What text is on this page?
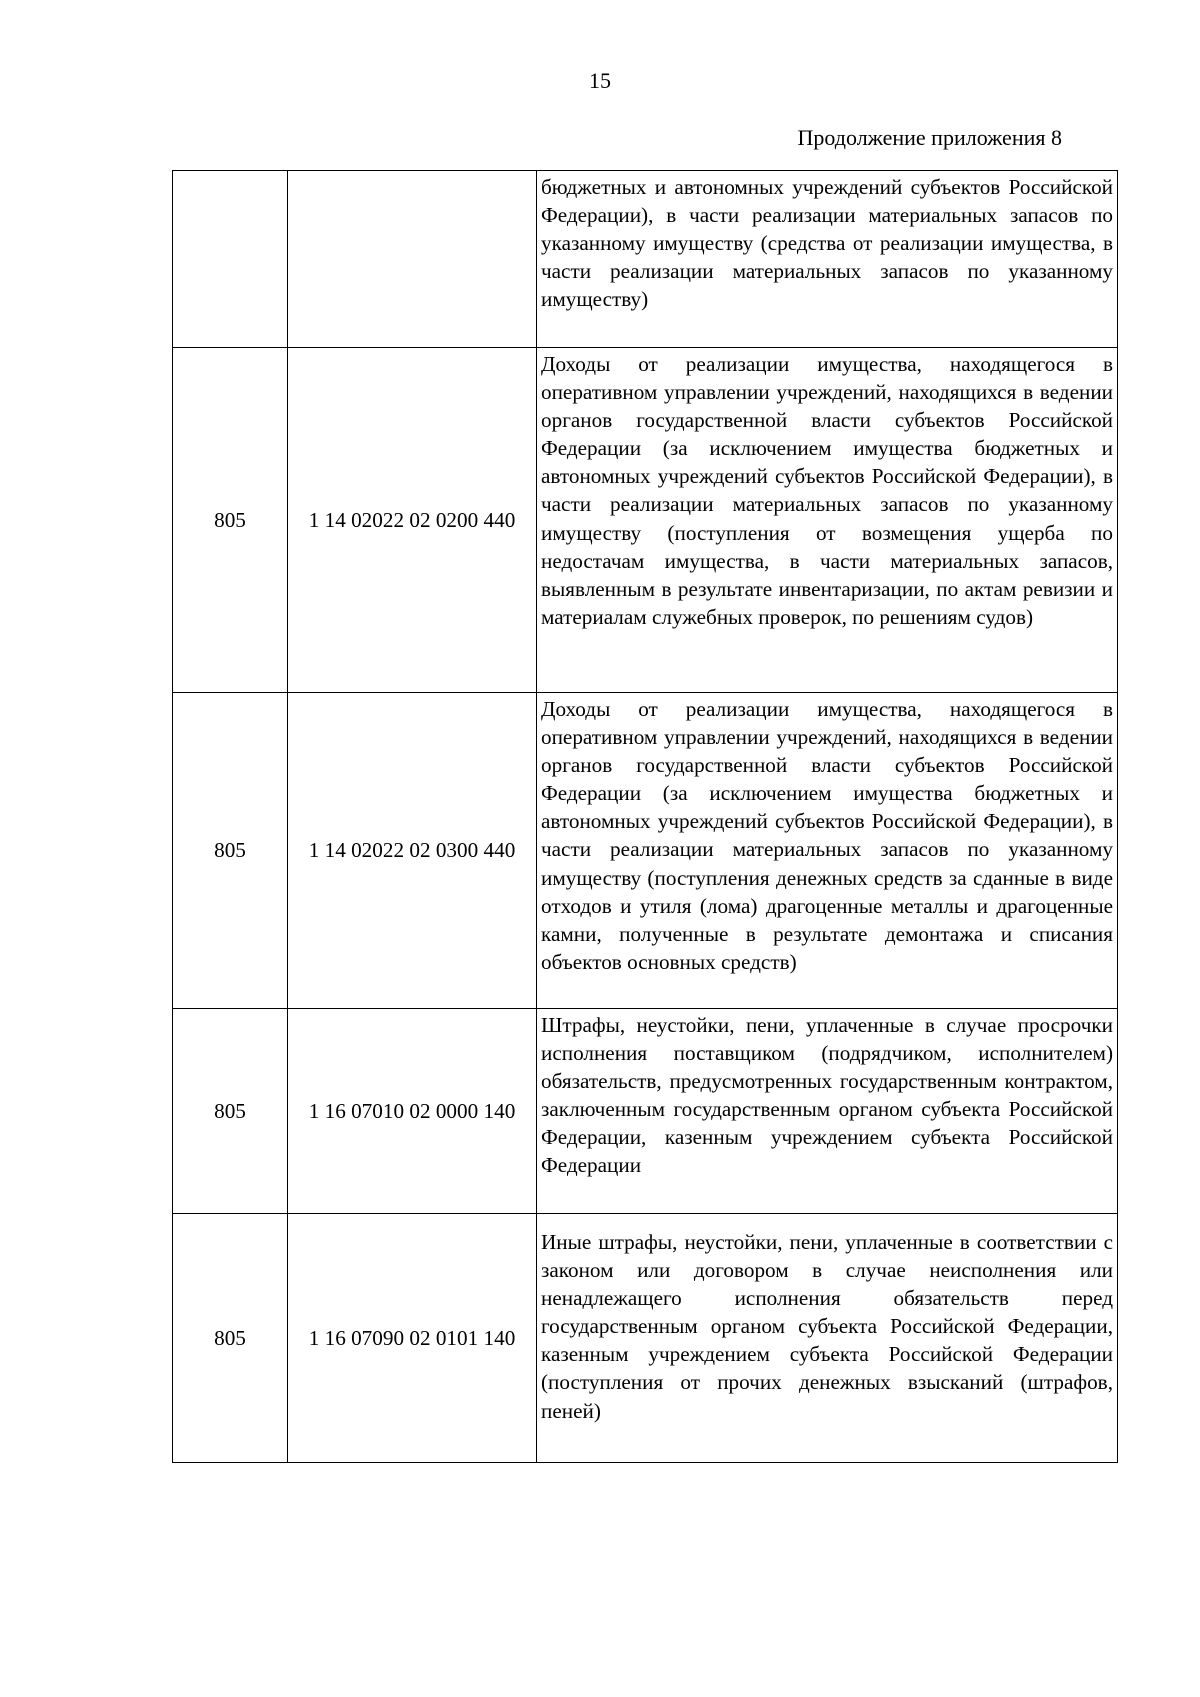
15
Продолжение приложения 8

		бюджетных и автономных учреждений субъектов Российской Федерации), в части реализации материальных запасов по указанному имуществу (средства от реализации имущества, в части реализации материальных запасов по указанному имуществу)

805	1 14 02022 02 0200 440	Доходы от реализации имущества, находящегося в оперативном управлении учреждений, находящихся в ведении органов государственной власти субъектов Российской Федерации (за исключением имущества бюджетных и автономных учреждений субъектов Российской Федерации), в части реализации материальных запасов по указанному имуществу (поступления от возмещения ущерба по недостачам имущества, в части материальных запасов, выявленным в результате инвентаризации, по актам ревизии и материалам служебных проверок, по решениям судов)

805	1 14 02022 02 0300 440	Доходы от реализации имущества, находящегося в оперативном управлении учреждений, находящихся в ведении органов государственной власти субъектов Российской Федерации (за исключением имущества бюджетных и автономных учреждений субъектов Российской Федерации), в части реализации материальных запасов по указанному имуществу (поступления денежных средств за сданные в виде отходов и утиля (лома) драгоценные металлы и драгоценные камни, полученные в результате демонтажа и списания объектов основных средств)

805	1 16 07010 02 0000 140	Штрафы, неустойки, пени, уплаченные в случае просрочки исполнения поставщиком (подрядчиком, исполнителем) обязательств, предусмотренных государственным контрактом, заключенным государственным органом субъекта Российской Федерации, казенным учреждением субъекта Российской Федерации

805	1 16 07090 02 0101 140	Иные штрафы, неустойки, пени, уплаченные в соответствии с законом или договором в случае неисполнения или ненадлежащего исполнения обязательств перед государственным органом субъекта Российской Федерации, казенным учреждением субъекта Российской Федерации (поступления от прочих денежных взысканий (штрафов, пеней)
